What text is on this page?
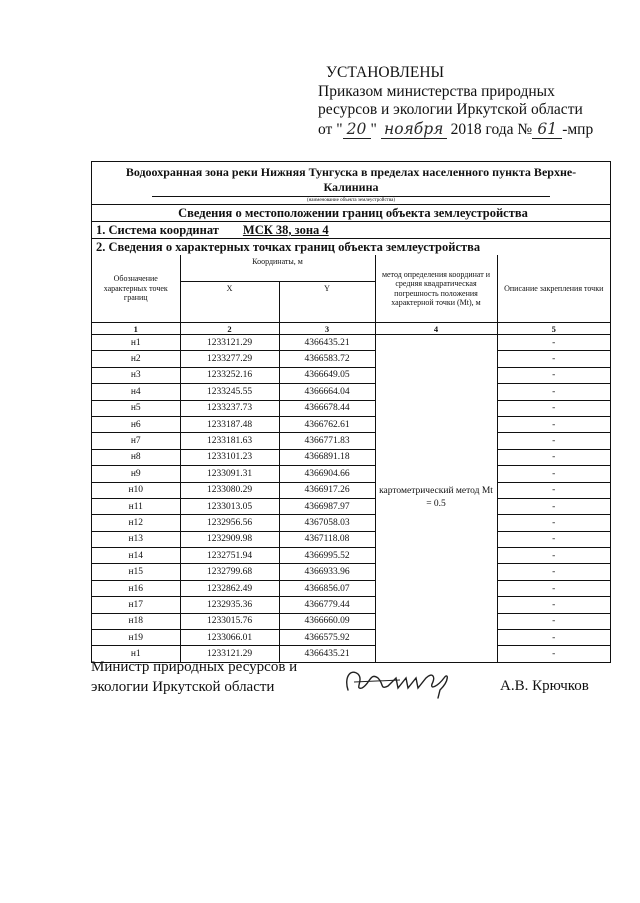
УСТАНОВЛЕНЫ
Приказом министерства природных
ресурсов и экологии Иркутской области
от " 20 " ноября 2018 года № 61 -мпр
Водоохранная зона реки Нижняя Тунгуска в пределах населенного пункта Верхне-Калинина
(наименование объекта землеустройства)
Сведения о местоположении границ объекта землеустройства
1. Система координат МСК 38, зона 4
2. Сведения о характерных точках границ объекта землеустройства
Обозначение характерных точек границ	Координаты, м		метод определения координат и средняя квадратическая погрешность положения характерной точки (Mt), м	Описание закрепления точки
	X	Y		
1	2	3	4	5
н1	1233121.29	4366435.21	картометрический метод Mt = 0.5	-
н2	1233277.29	4366583.72		-
н3	1233252.16	4366649.05		-
н4	1233245.55	4366664.04		-
н5	1233237.73	4366678.44		-
н6	1233187.48	4366762.61		-
н7	1233181.63	4366771.83		-
н8	1233101.23	4366891.18		-
н9	1233091.31	4366904.66		-
н10	1233080.29	4366917.26		-
н11	1233013.05	4366987.97		-
н12	1232956.56	4367058.03		-
н13	1232909.98	4367118.08		-
н14	1232751.94	4366995.52		-
н15	1232799.68	4366933.96		-
н16	1232862.49	4366856.07		-
н17	1232935.36	4366779.44		-
н18	1233015.76	4366660.09		-
н19	1233066.01	4366575.92		-
н1	1233121.29	4366435.21		-
Министр природных ресурсов и
экологии Иркутской области	А.В. Крючков
